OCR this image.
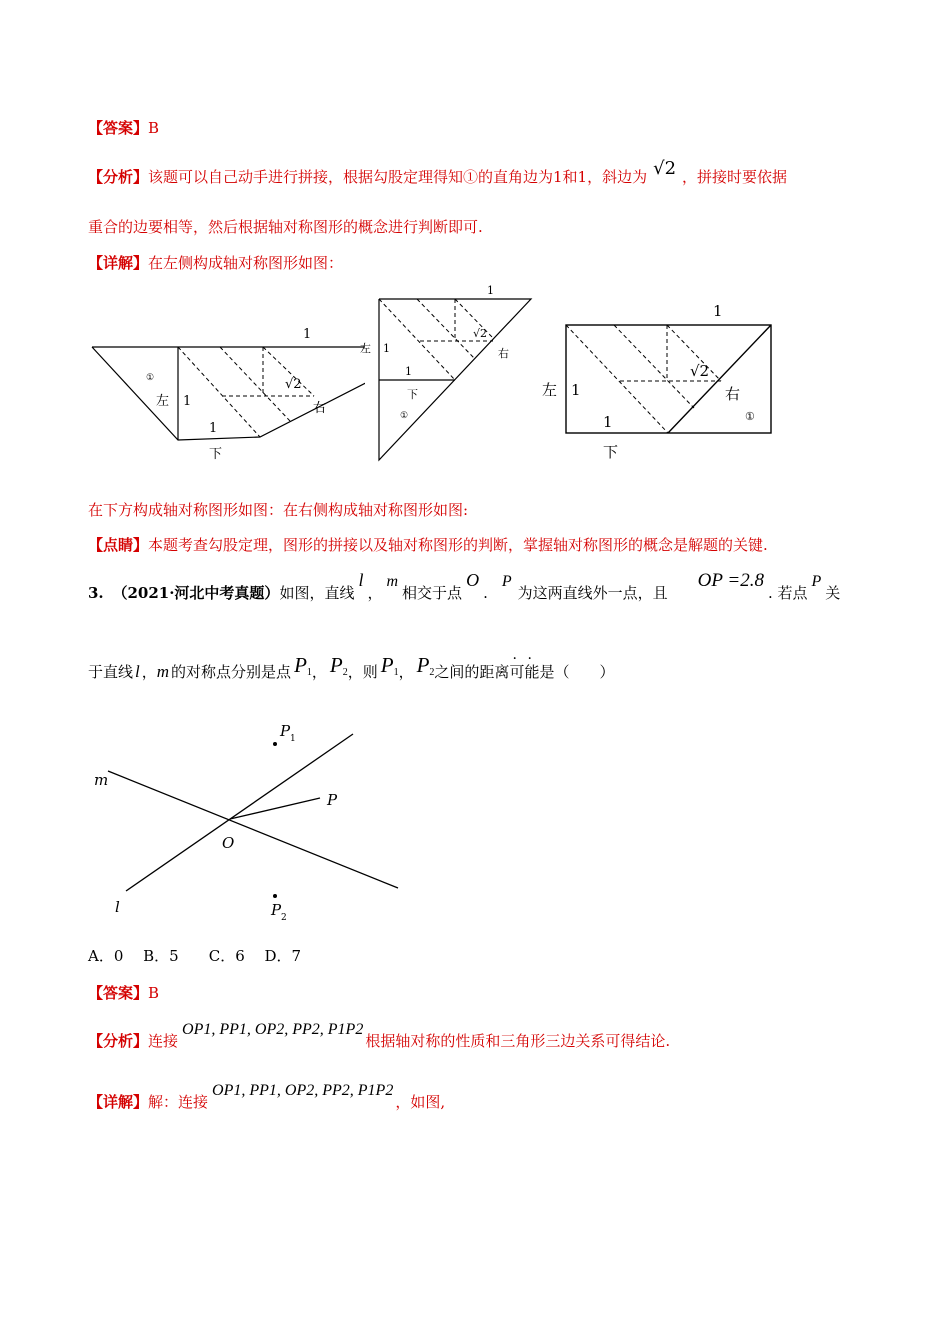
【答案】B
【分析】该题可以自己动手进行拼接，根据勾股定理得知①的直角边为1和1，斜边为 √2 ，拼接时要依据
重合的边要相等，然后根据轴对称图形的概念进行判断即可.
【详解】在左侧构成轴对称图形如图：
1
√2
1
1
①
左	右
下
1
√2
左 1
1
右
下
①
1
√2
左 1	右
①
1
下
在下方构成轴对称图形如图：在右侧构成轴对称图形如图:
【点睛】本题考查勾股定理，图形的拼接以及轴对称图形的判断，掌握轴对称图形的概念是解题的关键.
3. （2021·河北中考真题）如图，直线l，m相交于点O.P为这两直线外一点，且OP =2.8. 若点P关
于直线 l ，m 的对称点分别是点 $P_1$， $P_2$，则 $P_1$， $P_2$之间的距离可能是（　　）
m
l
O
P
P 1
P 2
A．0　 B．5　　C．6　 D．7
【答案】B
【分析】连接OP1, PP1, OP2, PP2, P1P2根据轴对称的性质和三角形三边关系可得结论.
【详解】解：连接OP1, PP1, OP2, PP2, P1P2，如图,
